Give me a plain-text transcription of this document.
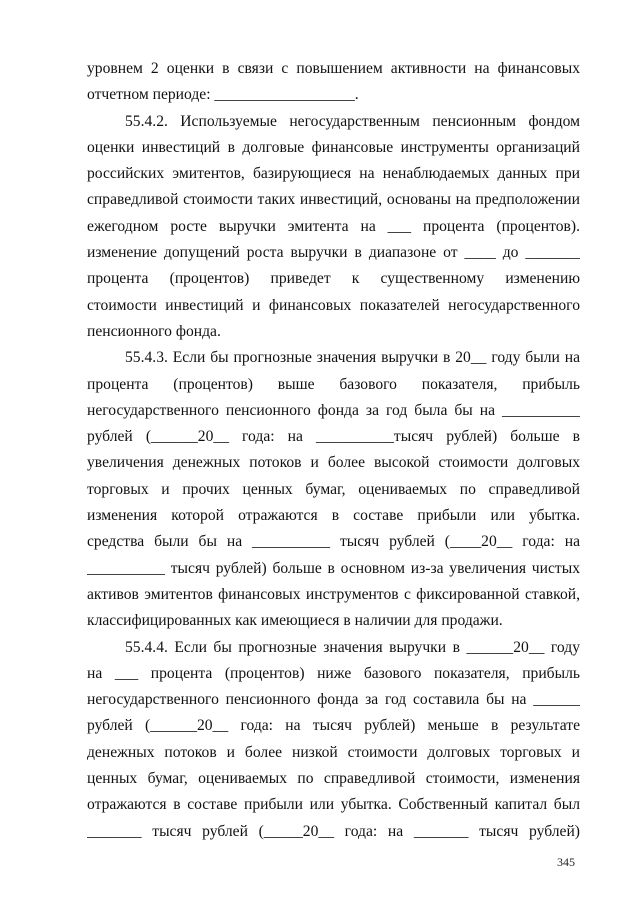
уровнем 2 оценки в связи с повышением активности на финансовых
отчетном периоде: __________________.
55.4.2. Используемые негосударственным пенсионным фондом
оценки инвестиций в долговые финансовые инструменты организаций
российских эмитентов, базирующиеся на ненаблюдаемых данных при
справедливой стоимости таких инвестиций, основаны на предположении
ежегодном росте выручки эмитента на ___ процента (процентов).
изменение допущений роста выручки в диапазоне от ____ до _______
процента (процентов) приведет к существенному изменению
стоимости инвестиций и финансовых показателей негосударственного
пенсионного фонда.
55.4.3. Если бы прогнозные значения выручки в 20__ году были на
процента (процентов) выше базового показателя, прибыль
негосударственного пенсионного фонда за год была бы на __________
рублей (______20__ года: на __________тысяч рублей) больше в
увеличения денежных потоков и более высокой стоимости долговых
торговых и прочих ценных бумаг, оцениваемых по справедливой
изменения которой отражаются в составе прибыли или убытка.
средства были бы на __________ тысяч рублей (____20__ года: на
__________ тысяч рублей) больше в основном из-за увеличения чистых
активов эмитентов финансовых инструментов с фиксированной ставкой,
классифицированных как имеющиеся в наличии для продажи.
55.4.4. Если бы прогнозные значения выручки в ______20__ году
на ___ процента (процентов) ниже базового показателя, прибыль
негосударственного пенсионного фонда за год составила бы на ______
рублей (______20__ года: на тысяч рублей) меньше в результате
денежных потоков и более низкой стоимости долговых торговых и
ценных бумаг, оцениваемых по справедливой стоимости, изменения
отражаются в составе прибыли или убытка. Собственный капитал был
_______ тысяч рублей (_____20__ года: на _______ тысяч рублей)
345
